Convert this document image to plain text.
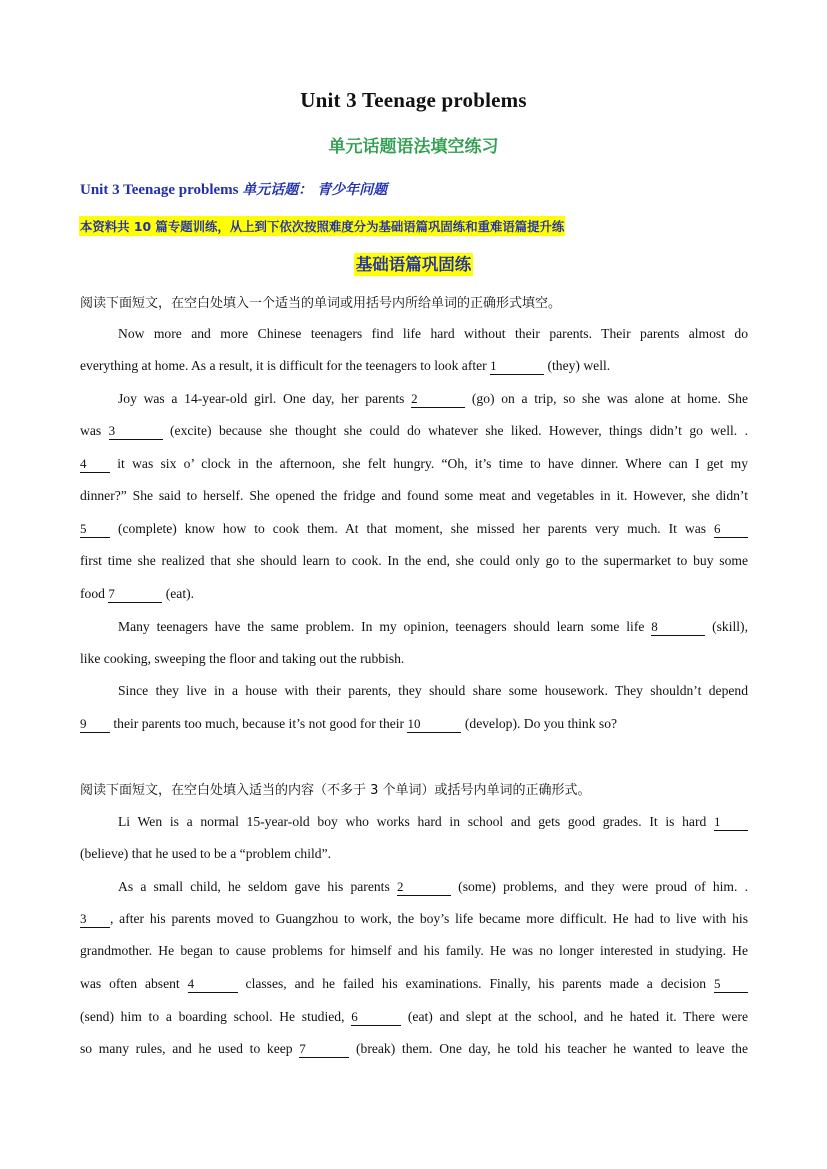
Unit 3 Teenage problems
单元话题语法填空练习
Unit 3 Teenage problems 单元话题： 青少年问题
本资料共 10 篇专题训练，从上到下依次按照难度分为基础语篇巩固练和重难语篇提升练
基础语篇巩固练
阅读下面短文，在空白处填入一个适当的单词或用括号内所给单词的正确形式填空。
Now more and more Chinese teenagers find life hard without their parents. Their parents almost do
everything at home. As a result, it is difficult for the teenagers to look after 1	(they) well.
Joy was a 14-year-old girl. One day, her parents 2	(go) on a trip, so she was alone at home. She
was 3	(excite) because she thought she could do whatever she liked. However, things didn’t go well. .
4 it was six o’ clock in the afternoon, she felt hungry. “Oh, it’s time to have dinner. Where can I get my
dinner?” She said to herself. She opened the fridge and found some meat and vegetables in it. However, she didn’t
5 (complete) know how to cook them. At that moment, she missed her parents very much. It was 6
first time she realized that she should learn to cook. In the end, she could only go to the supermarket to buy some
food 7	(eat).
Many teenagers have the same problem. In my opinion, teenagers should learn some life 8	(skill),
like cooking, sweeping the floor and taking out the rubbish.
Since they live in a house with their parents, they should share some housework. They shouldn’t depend
9 their parents too much, because it’s not good for their 10	(develop). Do you think so?
阅读下面短文，在空白处填入适当的内容（不多于 3 个单词）或括号内单词的正确形式。
Li Wen is a normal 15-year-old boy who works hard in school and gets good grades. It is hard 1
(believe) that he used to be a “problem child”.
As a small child, he seldom gave his parents 2	(some) problems, and they were proud of him. .
3 , after his parents moved to Guangzhou to work, the boy’s life became more difficult. He had to live with his
grandmother. He began to cause problems for himself and his family. He was no longer interested in studying. He
was often absent 4	classes, and he failed his examinations. Finally, his parents made a decision 5
(send) him to a boarding school. He studied, 6	(eat) and slept at the school, and he hated it. There were
so many rules, and he used to keep 7	(break) them. One day, he told his teacher he wanted to leave the
